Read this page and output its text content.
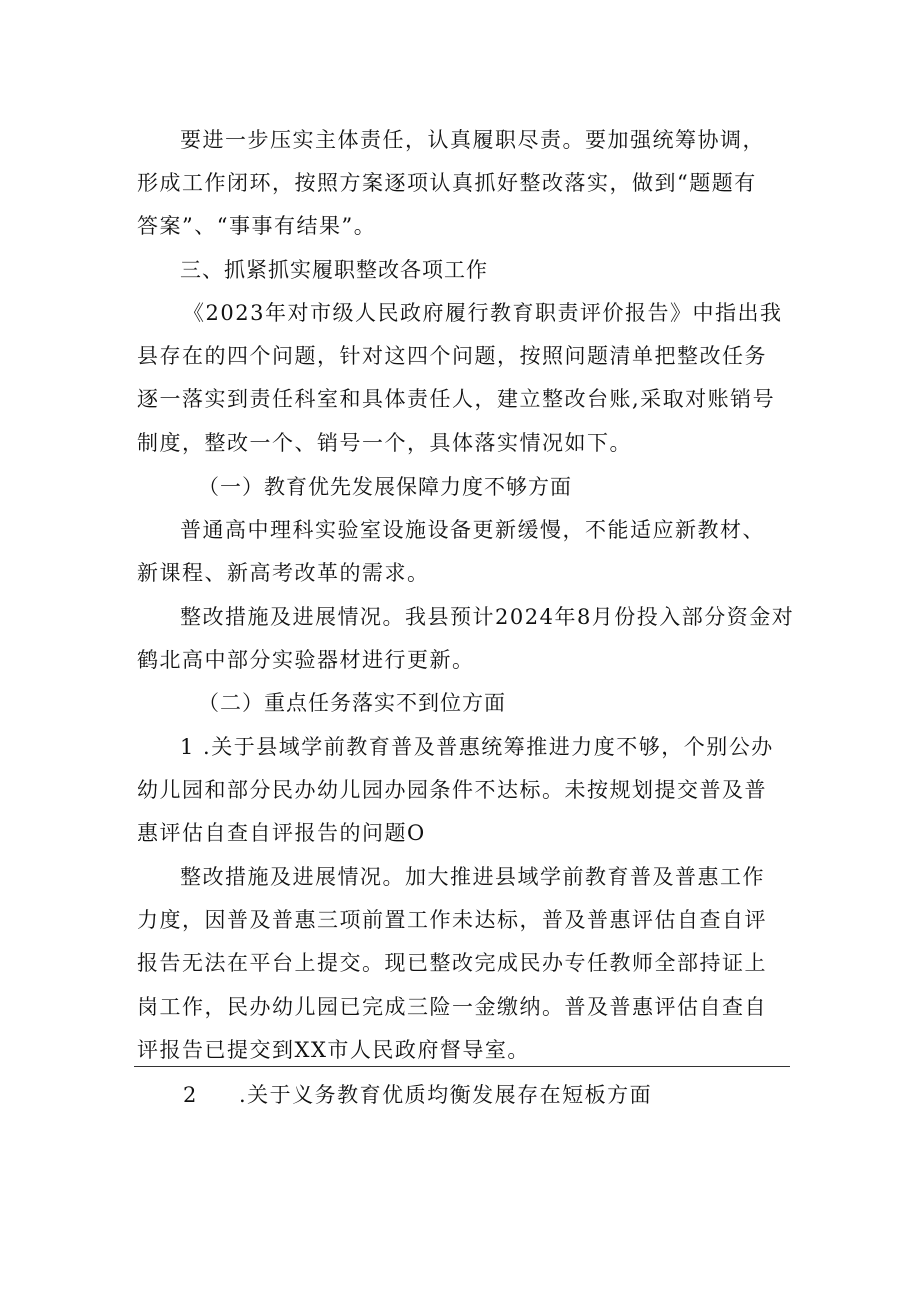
要进一步压实主体责任，认真履职尽责。要加强统筹协调，
形成工作闭环，按照方案逐项认真抓好整改落实，做到“题题有
答案”、“事事有结果”。
三、抓紧抓实履职整改各项工作
《2023年对市级人民政府履行教育职责评价报告》中指出我
县存在的四个问题，针对这四个问题，按照问题清单把整改任务
逐一落实到责任科室和具体责任人，建立整改台账,采取对账销号
制度，整改一个、销号一个，具体落实情况如下。
（一）教育优先发展保障力度不够方面
普通高中理科实验室设施设备更新缓慢，不能适应新教材、
新课程、新高考改革的需求。
整改措施及进展情况。我县预计2024年8月份投入部分资金对
鹤北高中部分实验器材进行更新。
（二）重点任务落实不到位方面
1 .关于县域学前教育普及普惠统筹推进力度不够，个别公办
幼儿园和部分民办幼儿园办园条件不达标。未按规划提交普及普
惠评估自查自评报告的问题O
整改措施及进展情况。加大推进县域学前教育普及普惠工作
力度，因普及普惠三项前置工作未达标，普及普惠评估自查自评
报告无法在平台上提交。现已整改完成民办专任教师全部持证上
岗工作，民办幼儿园已完成三险一金缴纳。普及普惠评估自查自
评报告已提交到XX市人民政府督导室。
2 .关于义务教育优质均衡发展存在短板方面
